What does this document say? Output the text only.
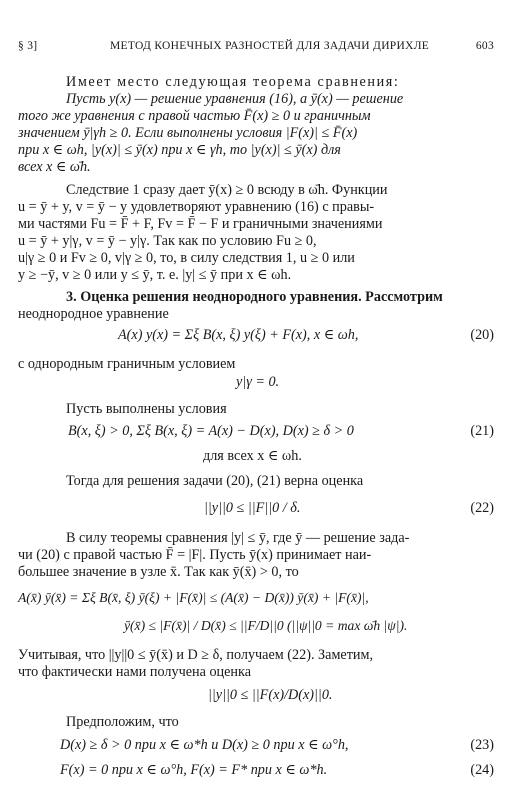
§ 3]	МЕТОД КОНЕЧНЫХ РАЗНОСТЕЙ ДЛЯ ЗАДАЧИ ДИРИХЛЕ	603
Имеет место следующая теорема сравнения:
Пусть y(x) — решение уравнения (16), а ȳ(x) — решение
того же уравнения с правой частью F̄(x) ≥ 0 и граничным
значением ȳ|γh ≥ 0. Если выполнены условия |F(x)| ≤ F̄(x)
при x ∈ ωh, |y(x)| ≤ ȳ(x) при x ∈ γh, то |y(x)| ≤ ȳ(x) для
всех x ∈ ω̄h.
Следствие 1 сразу дает ȳ(x) ≥ 0 всюду в ω̄h. Функции
u = ȳ + y, v = ȳ − y удовлетворяют уравнению (16) с правы-
ми частями Fu = F̄ + F, Fv = F̄ − F и граничными значениями
u = ȳ + y|γ, v = ȳ − y|γ. Так как по условию Fu ≥ 0,
u|γ ≥ 0 и Fv ≥ 0, v|γ ≥ 0, то, в силу следствия 1, u ≥ 0 или
y ≥ −ȳ, v ≥ 0 или y ≤ ȳ, т. е. |y| ≤ ȳ при x ∈ ωh.
3. Оценка решения неоднородного уравнения. Рассмотрим
неоднородное уравнение
A(x) y(x) = Σξ B(x, ξ) y(ξ) + F(x), x ∈ ωh,	(20)
с однородным граничным условием
y|γ = 0.
Пусть выполнены условия
B(x, ξ) > 0, Σξ B(x, ξ) = A(x) − D(x), D(x) ≥ δ > 0	(21)
для всех x ∈ ωh.
Тогда для решения задачи (20), (21) верна оценка
||y||0 ≤ ||F||0 / δ.	(22)
В силу теоремы сравнения |y| ≤ ȳ, где ȳ — решение зада-
чи (20) с правой частью F̄ = |F|. Пусть ȳ(x) принимает наи-
большее значение в узле x̄. Так как ȳ(x̄) > 0, то
A(x̄) ȳ(x̄) = Σξ B(x̄, ξ) ȳ(ξ) + |F(x̄)| ≤ (A(x̄) − D(x̄)) ȳ(x̄) + |F(x̄)|,
ȳ(x̄) ≤ |F(x̄)| / D(x̄) ≤ ||F/D||0 (||ψ||0 = max ω̄h |ψ|).
Учитывая, что ||y||0 ≤ ȳ(x̄) и D ≥ δ, получаем (22). Заметим,
что фактически нами получена оценка
||y||0 ≤ ||F(x)/D(x)||0.
Предположим, что
D(x) ≥ δ > 0 при x ∈ ω*h и D(x) ≥ 0 при x ∈ ω°h,	(23)
F(x) = 0 при x ∈ ω°h, F(x) = F* при x ∈ ω*h.	(24)
